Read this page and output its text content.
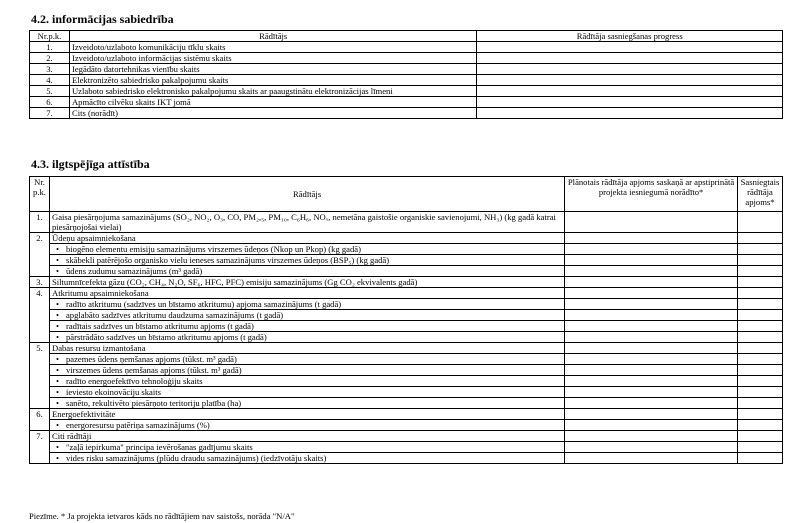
4.2. informācijas sabiedrība
Nr.p.k.	Rādītājs	Rādītāja sasniegšanas progress
1.	Izveidoto/uzlaboto komunikāciju tīklu skaits	
2.	Izveidoto/uzlaboto informācijas sistēmu skaits	
3.	Iegādāto datortehnikas vienību skaits	
4.	Elektronizēto sabiedrisko pakalpojumu skaits	
5.	Uzlaboto sabiedrisko elektronisko pakalpojumu skaits ar paaugstinātu elektronizācijas līmeni	
6.	Apmācīto cilvēku skaits IKT jomā	
7.	Cits (norādīt)	
4.3. ilgtspējīga attīstība
Nr. p.k.	Rādītājs	Plānotais rādītāja apjoms saskaņā ar apstiprinātā projekta iesniegumā norādīto*	Sasniegtais rādītāja apjoms*
1.	Gaisa piesārņojuma samazinājums (SO₂, NO₂, O₃, CO, PM₂,₅, PM₁₀, C₆H₆, NOₓ, nemetāna gaistošie organiskie savienojumi, NH₃) (kg gadā katrai piesārņojošai vielai)		
2.	Ūdeņu apsaimniekošana		

	• biogēno elementu emisiju samazinājums virszemes ūdeņos (Nkop un Pkop) (kg gadā)

	• skābekli patērējošo organisko vielu ieneses samazinājums virszemes ūdeņos (BSP₅) (kg gadā)

	• ūdens zudumu samazinājums (m³ gadā)

3.	Siltumnīcefekta gāzu (CO₂, CH₄, N₂O, SF₆, HFC, PFC) emisiju samazinājums (Gg CO₂ ekvivalents gadā)		
4.	Atkritumu apsaimniekošana		

	• radīto atkritumu (sadzīves un bīstamo atkritumu) apjoma samazinājums (t gadā)

	• apglabāto sadzīves atkritumu daudzuma samazinājums (t gadā)

	• radītais sadzīves un bīstamo atkritumu apjoms (t gadā)

	• pārstrādāto sadzīves un bīstamo atkritumu apjoms (t gadā)

5.	Dabas resursu izmantošana		

	• pazemes ūdens ņemšanas apjoms (tūkst. m³ gadā)

	• virszemes ūdens ņemšanas apjoms (tūkst. m³ gadā)

	• radīto energoefektīvo tehnoloģiju skaits

	• ieviesto ekoinovāciju skaits

	• sanēto, rekultivēto piesārņoto teritoriju platība (ha)

6.	Energoefektivitāte		

	• energoresursu patēriņa samazinājums (%)

7.	Citi rādītāji		

	• "zaļā iepirkuma" principa ievērošanas gadījumu skaits

	• vides risku samazinājums (plūdu draudu samazinājums) (iedzīvotāju skaits)

Piezīme. * Ja projekta ietvaros kāds no rādītājiem nav saistošs, norāda "N/A"
